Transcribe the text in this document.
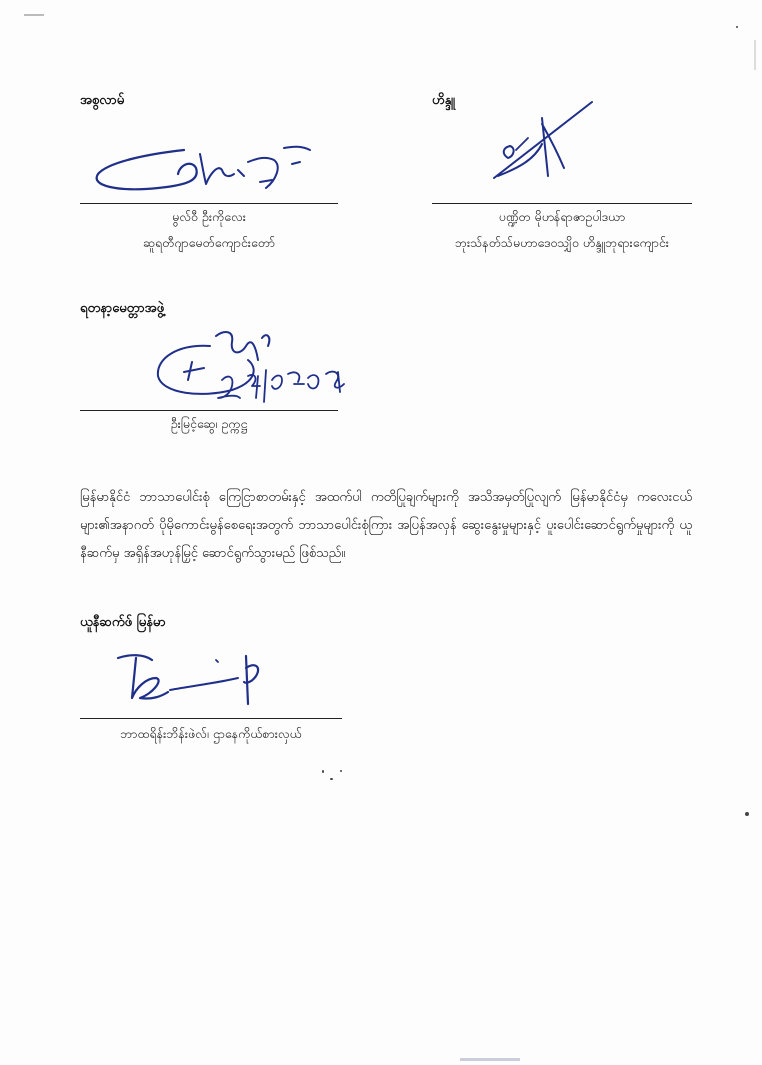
အစွလာမ်
မွလ်ဝီ ဦးကိုလေး
ဆူရတီဂျာမေတ်ကျောင်းတော်
ဟိန္ဒူ
ပဏ္ဍိတ မိုဟန်ရာဇာဥပါဒယာ
ဘုးသ်နတ်သ်မဟာဒေဝသျှိဝ ဟိန္ဒူဘုရားကျောင်း
ရတနာ့မေတ္တာအဖွဲ့
ဦးမြင့်ဆွေ၊ ဥက္ကဋ္ဌ
မြန်မာနိုင်ငံ ဘာသာပေါင်းစုံ ကြေငြာစာတမ်းနှင့် အထက်ပါ ကတိပြုချက်များကို အသိအမှတ်ပြုလျက် မြန်မာနိုင်ငံမှ ကလေးငယ်များ၏အနာဂတ် ပိုမိုကောင်းမွန်စေရေးအတွက် ဘာသာပေါင်းစုံကြား အပြန်အလှန် ဆွေးနွေးမှုများနှင့် ပူးပေါင်းဆောင်ရွက်မှုများကို ယူနီဆက်မှ အရှိန်အဟုန်မြှင့် ဆောင်ရွက်သွားမည် ဖြစ်သည်။
ယူနီဆက်ဖ် မြန်မာ
ဘာထရိန်းဘိန်းဖဲလ်၊ ဌာနေကိုယ်စားလှယ်
